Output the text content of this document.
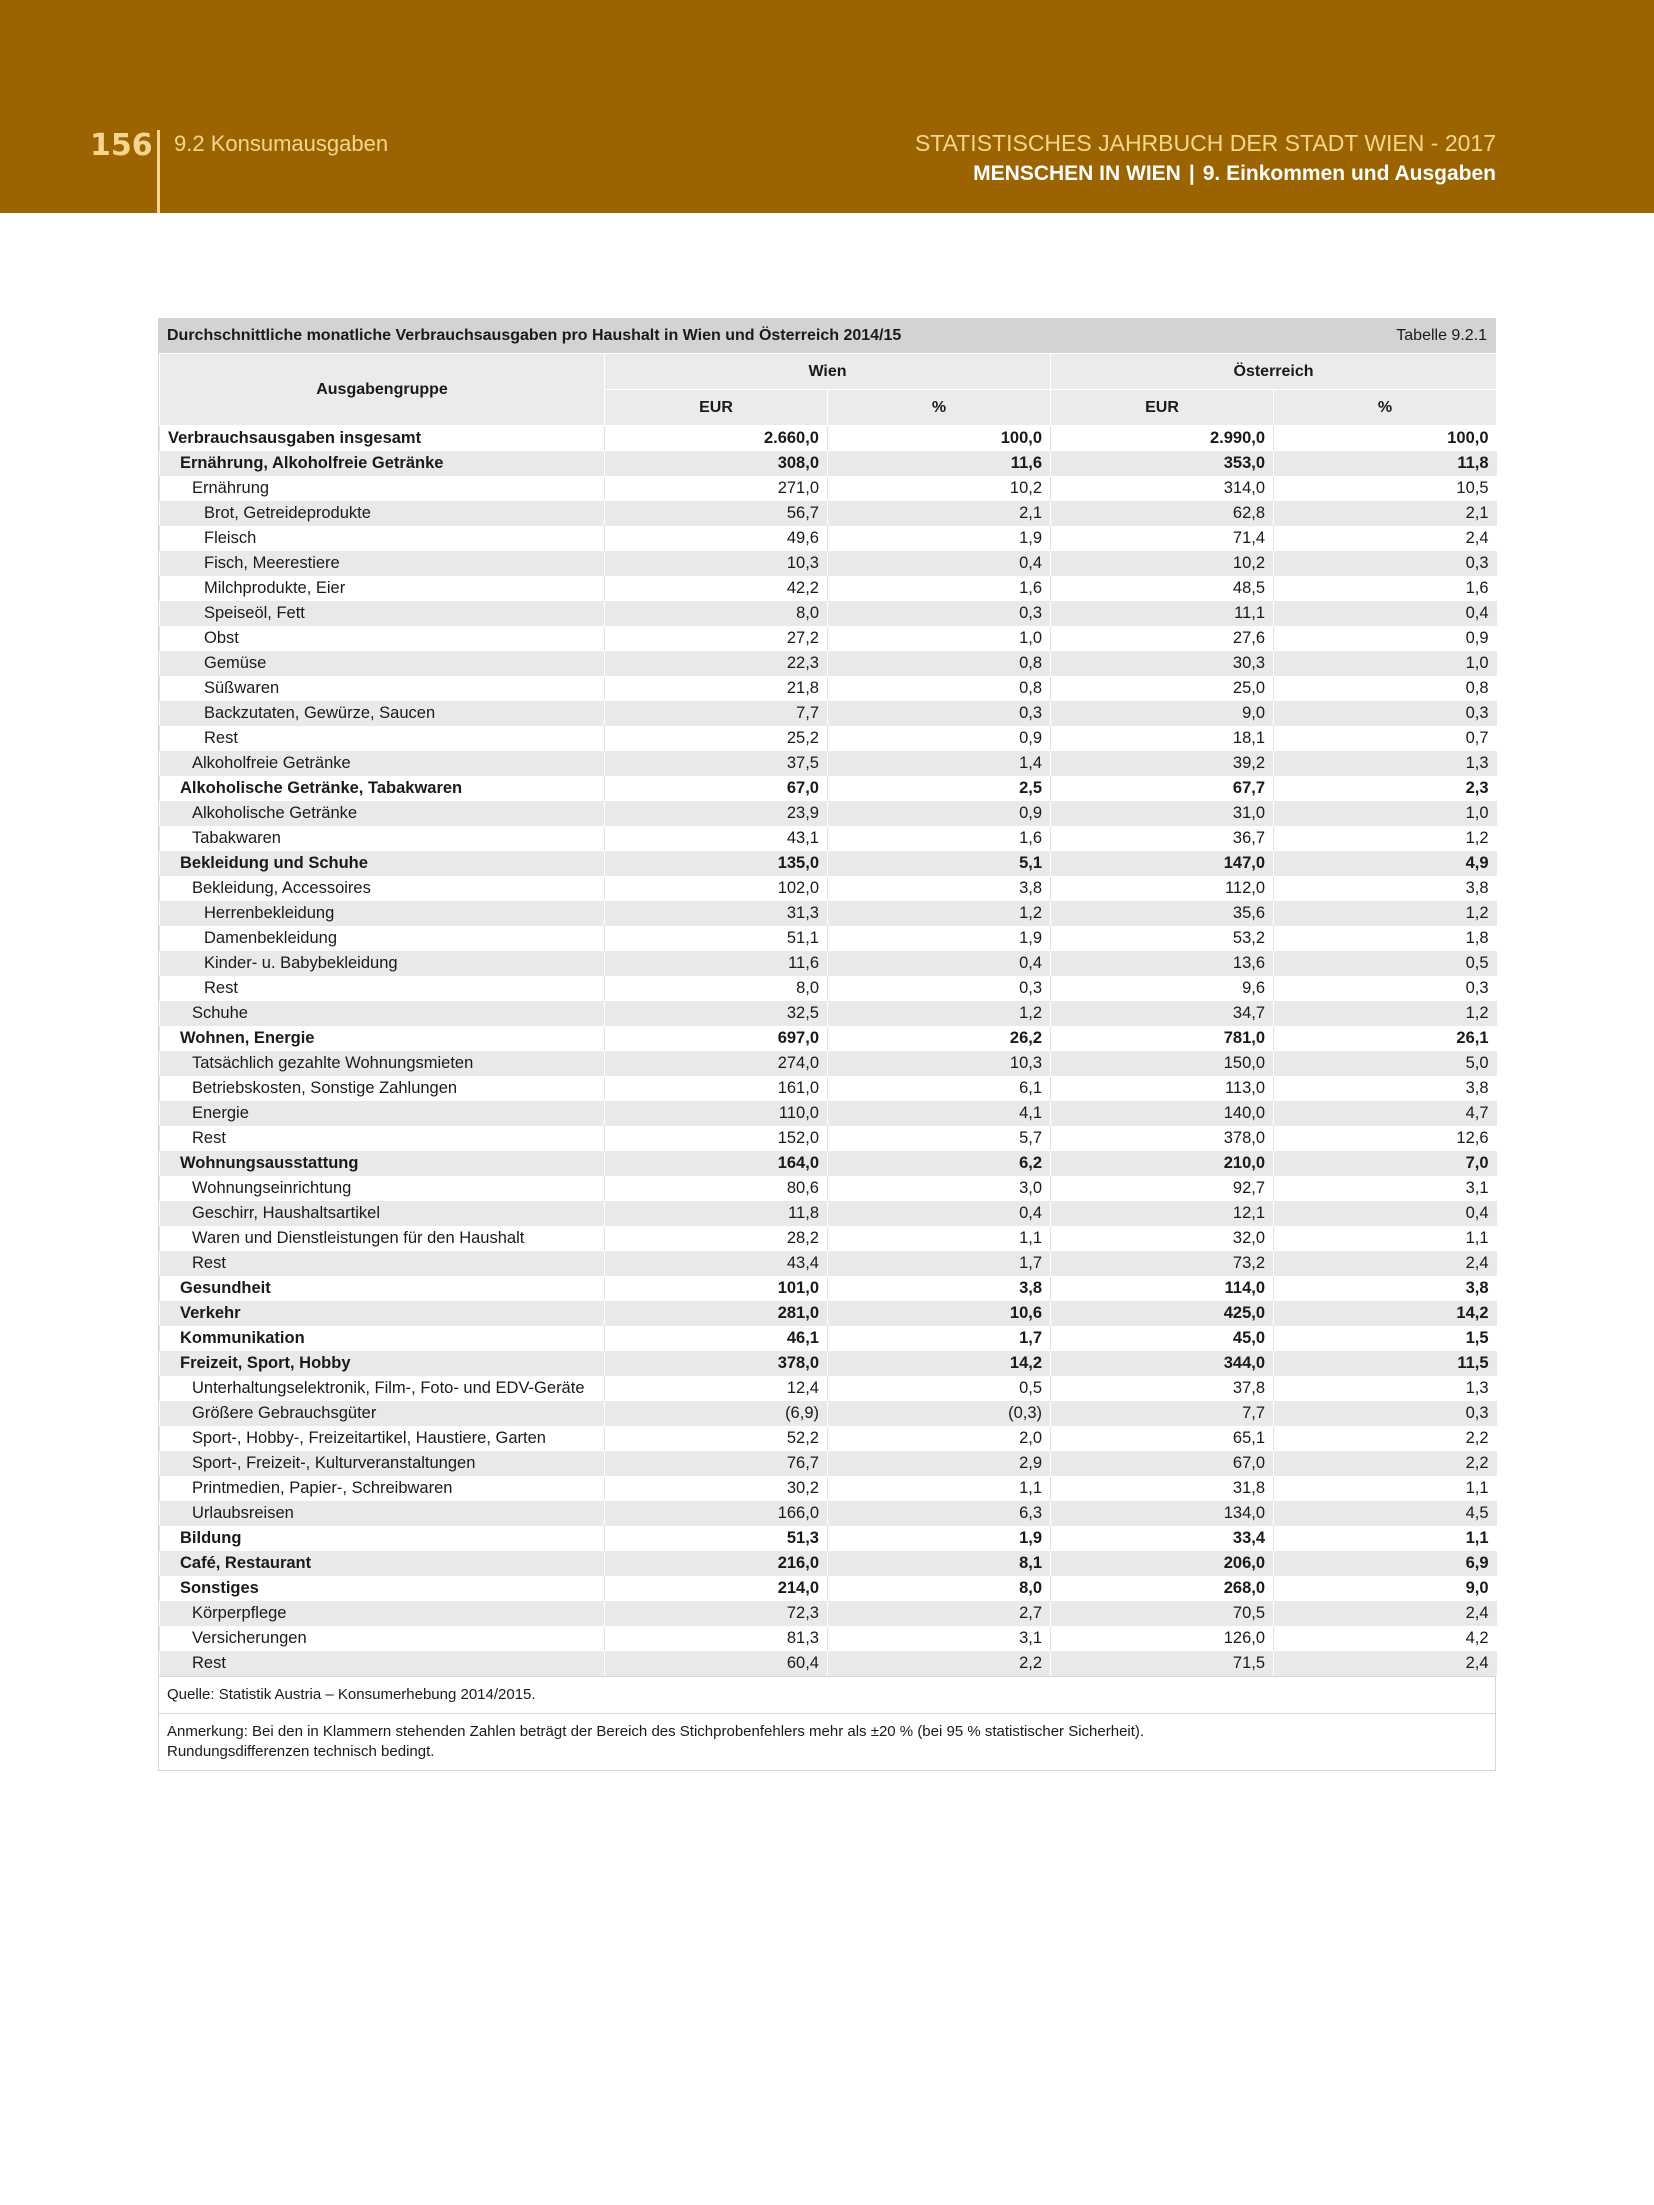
156 9.2 Konsumausgaben	STATISTISCHES JAHRBUCH DER STADT WIEN - 2017
MENSCHEN IN WIEN | 9. Einkommen und Ausgaben
Durchschnittliche monatliche Verbrauchsausgaben pro Haushalt in Wien und Österreich 2014/15	Tabelle 9.2.1
Ausgabengruppe	Wien		Österreich	
	EUR	%	EUR	%
Verbrauchsausgaben insgesamt	2.660,0	100,0	2.990,0	100,0
Ernährung, Alkoholfreie Getränke	308,0	11,6	353,0	11,8
Ernährung	271,0	10,2	314,0	10,5
Brot, Getreideprodukte	56,7	2,1	62,8	2,1
Fleisch	49,6	1,9	71,4	2,4
Fisch, Meerestiere	10,3	0,4	10,2	0,3
Milchprodukte, Eier	42,2	1,6	48,5	1,6
Speiseöl, Fett	8,0	0,3	11,1	0,4
Obst	27,2	1,0	27,6	0,9
Gemüse	22,3	0,8	30,3	1,0
Süßwaren	21,8	0,8	25,0	0,8
Backzutaten, Gewürze, Saucen	7,7	0,3	9,0	0,3
Rest	25,2	0,9	18,1	0,7
Alkoholfreie Getränke	37,5	1,4	39,2	1,3
Alkoholische Getränke, Tabakwaren	67,0	2,5	67,7	2,3
Alkoholische Getränke	23,9	0,9	31,0	1,0
Tabakwaren	43,1	1,6	36,7	1,2
Bekleidung und Schuhe	135,0	5,1	147,0	4,9
Bekleidung, Accessoires	102,0	3,8	112,0	3,8
Herrenbekleidung	31,3	1,2	35,6	1,2
Damenbekleidung	51,1	1,9	53,2	1,8
Kinder- u. Babybekleidung	11,6	0,4	13,6	0,5
Rest	8,0	0,3	9,6	0,3
Schuhe	32,5	1,2	34,7	1,2
Wohnen, Energie	697,0	26,2	781,0	26,1
Tatsächlich gezahlte Wohnungsmieten	274,0	10,3	150,0	5,0
Betriebskosten, Sonstige Zahlungen	161,0	6,1	113,0	3,8
Energie	110,0	4,1	140,0	4,7
Rest	152,0	5,7	378,0	12,6
Wohnungsausstattung	164,0	6,2	210,0	7,0
Wohnungseinrichtung	80,6	3,0	92,7	3,1
Geschirr, Haushaltsartikel	11,8	0,4	12,1	0,4
Waren und Dienstleistungen für den Haushalt	28,2	1,1	32,0	1,1
Rest	43,4	1,7	73,2	2,4
Gesundheit	101,0	3,8	114,0	3,8
Verkehr	281,0	10,6	425,0	14,2
Kommunikation	46,1	1,7	45,0	1,5
Freizeit, Sport, Hobby	378,0	14,2	344,0	11,5
Unterhaltungselektronik, Film-, Foto- und EDV-Geräte	12,4	0,5	37,8	1,3
Größere Gebrauchsgüter	(6,9)	(0,3)	7,7	0,3
Sport-, Hobby-, Freizeitartikel, Haustiere, Garten	52,2	2,0	65,1	2,2
Sport-, Freizeit-, Kulturveranstaltungen	76,7	2,9	67,0	2,2
Printmedien, Papier-, Schreibwaren	30,2	1,1	31,8	1,1
Urlaubsreisen	166,0	6,3	134,0	4,5
Bildung	51,3	1,9	33,4	1,1
Café, Restaurant	216,0	8,1	206,0	6,9
Sonstiges	214,0	8,0	268,0	9,0
Körperpflege	72,3	2,7	70,5	2,4
Versicherungen	81,3	3,1	126,0	4,2
Rest	60,4	2,2	71,5	2,4

Quelle: Statistik Austria – Konsumerhebung 2014/2015.

Anmerkung: Bei den in Klammern stehenden Zahlen beträgt der Bereich des Stichprobenfehlers mehr als ±20 % (bei 95 % statistischer Sicherheit).

Rundungsdifferenzen technisch bedingt.
